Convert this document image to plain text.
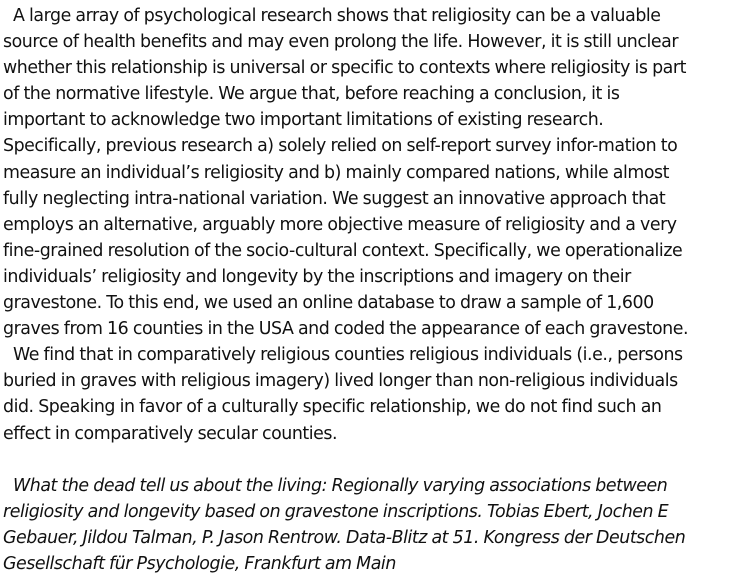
A large array of psychological research shows that religiosity can be a valuable
source of health benefits and may even prolong the life. However, it is still unclear
whether this relationship is universal or specific to contexts where religiosity is part
of the normative lifestyle. We argue that, before reaching a conclusion, it is
important to acknowledge two important limitations of existing research.
Specifically, previous research a) solely relied on self-report survey infor-mation to
measure an individual’s religiosity and b) mainly compared nations, while almost
fully neglecting intra-national variation. We suggest an innovative approach that
employs an alternative, arguably more objective measure of religiosity and a very
fine-grained resolution of the socio-cultural context. Specifically, we operationalize
individuals’ religiosity and longevity by the inscriptions and imagery on their
gravestone. To this end, we used an online database to draw a sample of 1,600
graves from 16 counties in the USA and coded the appearance of each gravestone.
We find that in comparatively religious counties religious individuals (i.e., persons
buried in graves with religious imagery) lived longer than non-religious individuals
did. Speaking in favor of a culturally specific relationship, we do not find such an
effect in comparatively secular counties.
What the dead tell us about the living: Regionally varying associations between
religiosity and longevity based on gravestone inscriptions. Tobias Ebert, Jochen E
Gebauer, Jildou Talman, P. Jason Rentrow. Data-Blitz at 51. Kongress der Deutschen
Gesellschaft für Psychologie, Frankfurt am Main
